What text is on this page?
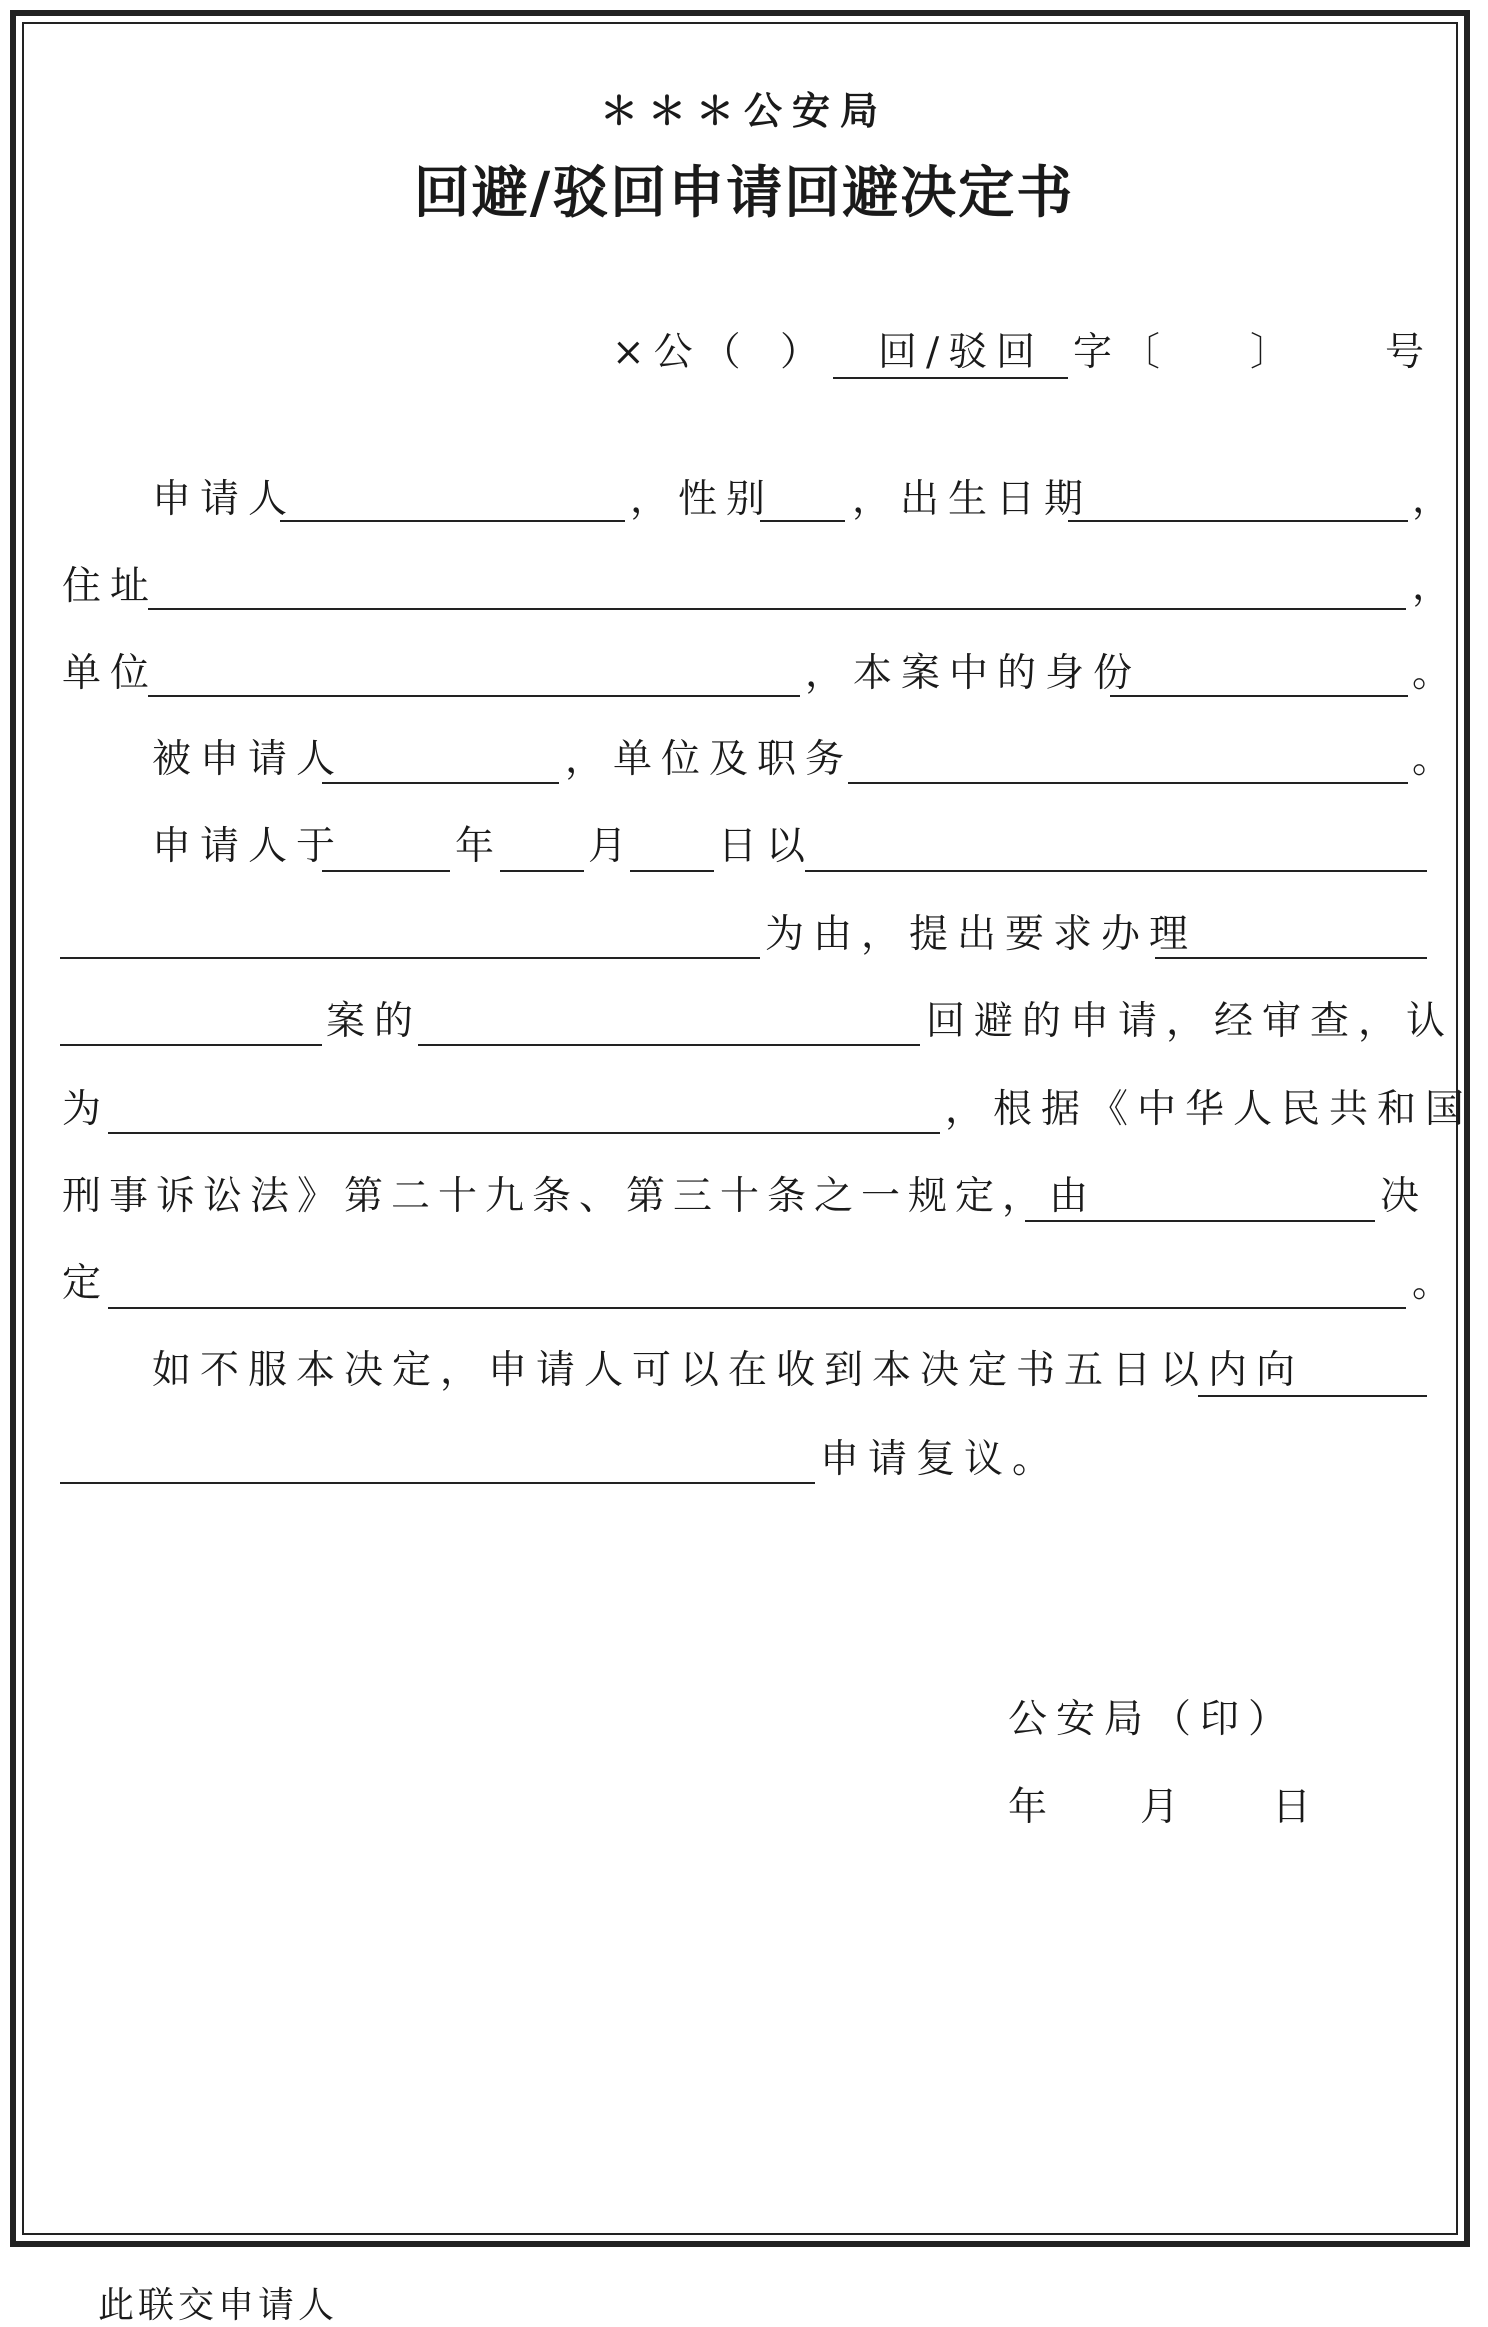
＊＊＊公安局
回避/驳回申请回避决定书
×公（ ） 回/驳回 字〔 〕 号
申请人	，性别 ，出生日期	，
住址	，
单位	，本案中的身份	。
被申请人	，单位及职务	。
申请人于	年 月 日以
为由，提出要求办理
案的	回避的申请，经审查，认
为	，根据《中华人民共和国
刑事诉讼法》第二十九条、第三十条之一规定，由	决
定	。
如不服本决定，申请人可以在收到本决定书五日以内向
申请复议。
公安局（印）
年 月 日
此联交申请人
